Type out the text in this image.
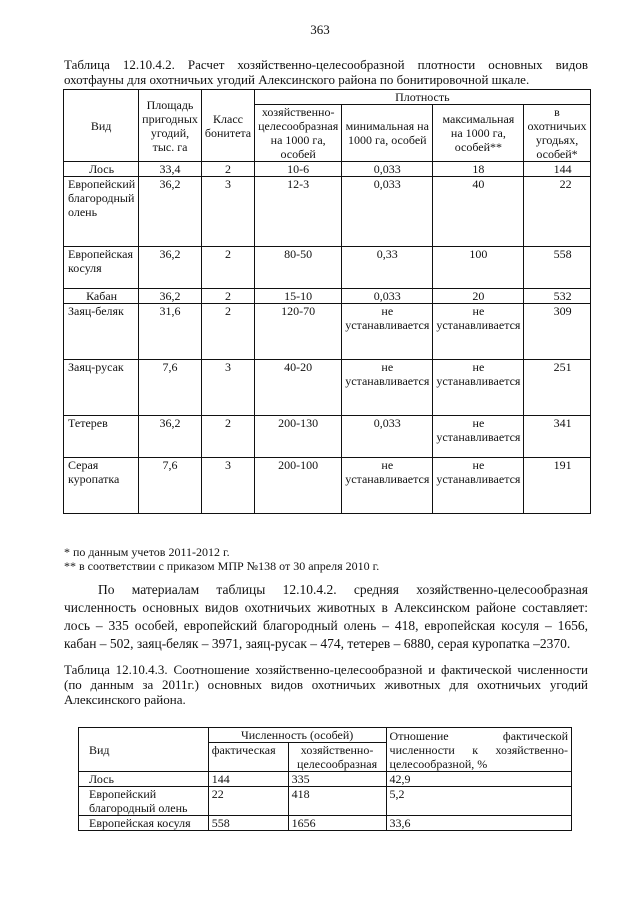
363
Таблица 12.10.4.2. Расчет хозяйственно-целесообразной плотности основных видов охотфауны для охотничьих угодий Алексинского района по бонитировочной шкале.
Вид	Площадь пригодных угодий, тыс. га	Класс бонитета	Плотность			
			хозяйственно-целесообразная на 1000 га, особей	минимальная на 1000 га, особей	максимальная на 1000 га, особей**	в охотничьих угодьях, особей*
Лось	33,4	2	10-6	0,033	18	144
Европейский благородный олень	36,2	3	12-3	0,033	40	22
Европейская косуля	36,2	2	80-50	0,33	100	558
Кабан	36,2	2	15-10	0,033	20	532
Заяц-беляк	31,6	2	120-70	не устанавливается	не устанавливается	309
Заяц-русак	7,6	3	40-20	не устанавливается	не устанавливается	251
Тетерев	36,2	2	200-130	0,033	не устанавливается	341
Серая куропатка	7,6	3	200-100	не устанавливается	не устанавливается	191
* по данным учетов 2011-2012 г.
** в соответствии с приказом МПР №138 от 30 апреля 2010 г.
По материалам таблицы 12.10.4.2. средняя хозяйственно-целесообразная численность основных видов охотничьих животных в Алексинском районе составляет: лось – 335 особей, европейский благородный олень – 418, европейская косуля – 1656, кабан – 502, заяц-беляк – 3971, заяц-русак – 474, тетерев – 6880, серая куропатка –2370.
Таблица 12.10.4.3. Соотношение хозяйственно-целесообразной и фактической численности (по данным за 2011г.) основных видов охотничьих животных для охотничьих угодий Алексинского района.
Вид	Численность (особей)		Отношение фактической численности к хозяйственно-целесообразной, %
	фактическая	хозяйственно-целесообразная	
Лось	144	335	42,9
Европейский благородный олень	22	418	5,2
Европейская косуля	558	1656	33,6
